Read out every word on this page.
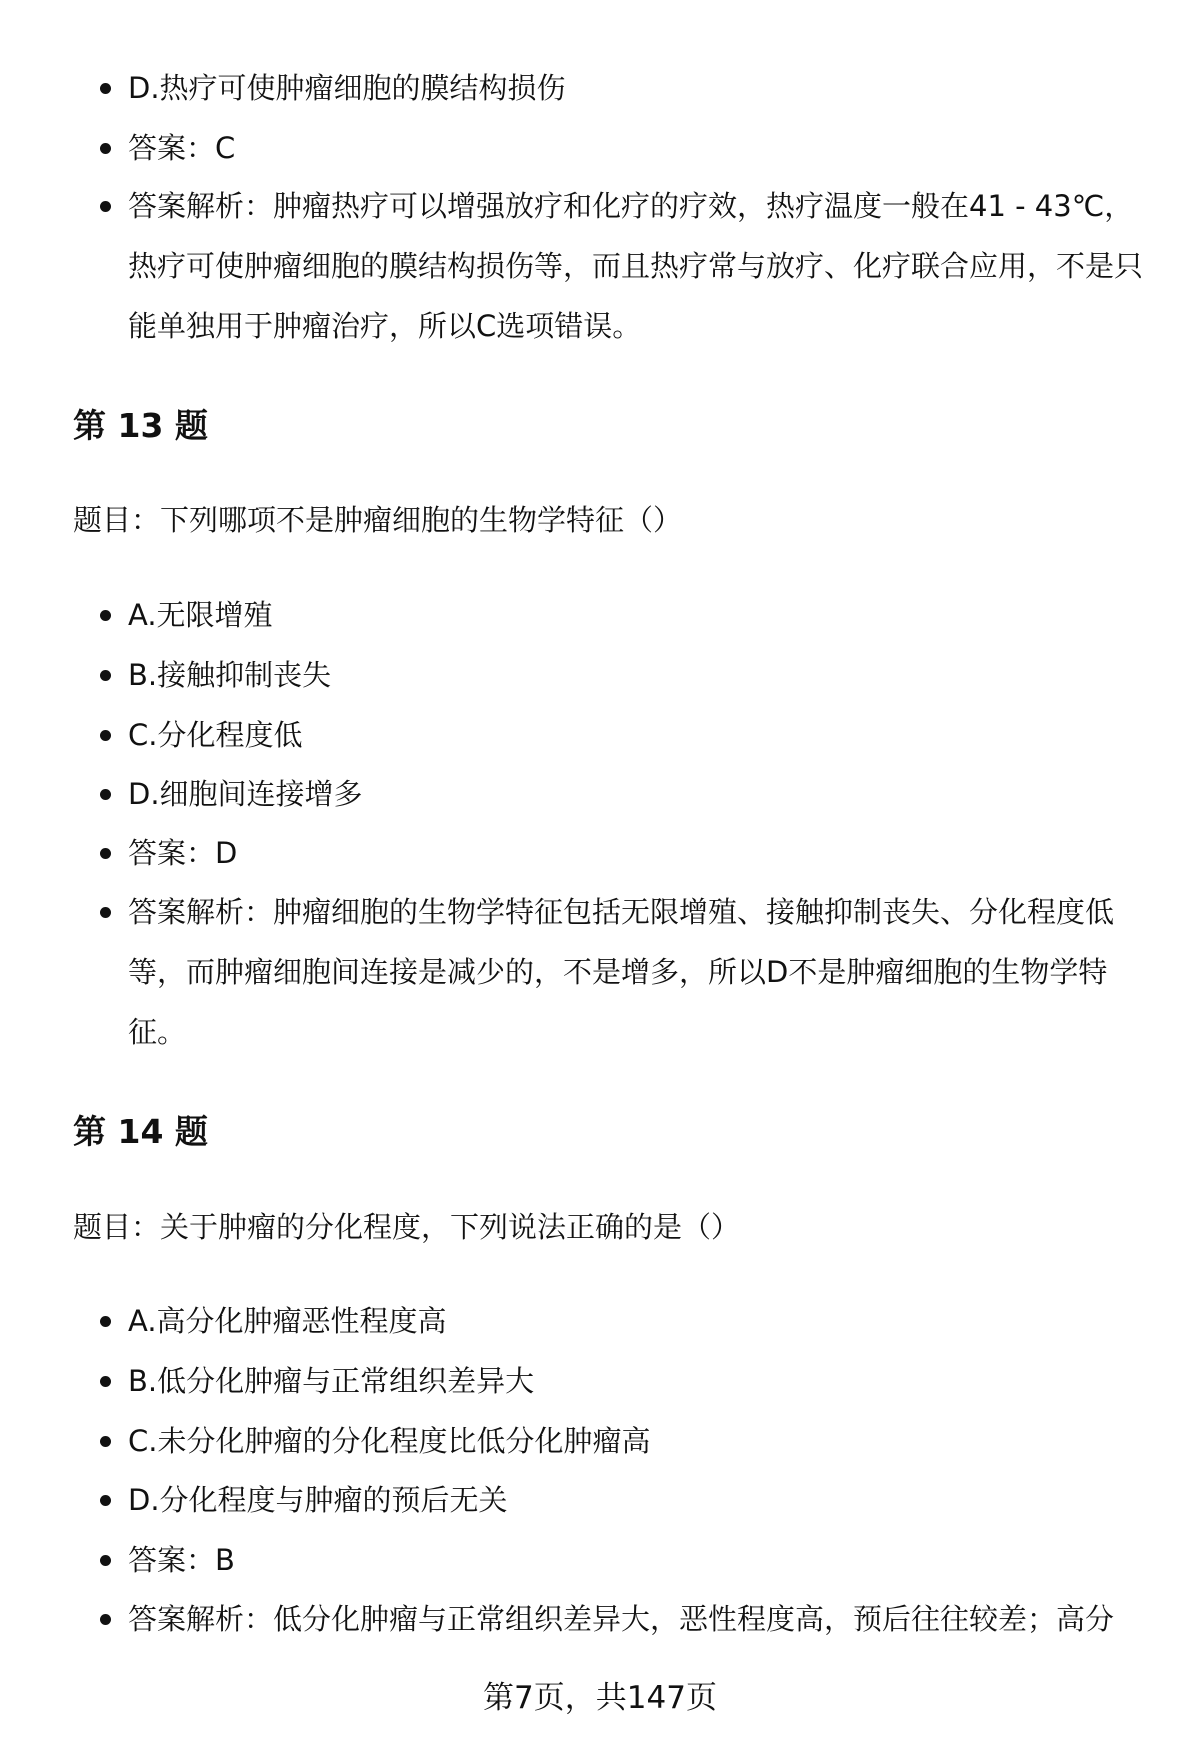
D.热疗可使肿瘤细胞的膜结构损伤
答案：C
答案解析：肿瘤热疗可以增强放疗和化疗的疗效，热疗温度一般在41 - 43℃，热疗可使肿瘤细胞的膜结构损伤等，而且热疗常与放疗、化疗联合应用，不是只能单独用于肿瘤治疗，所以C选项错误。
第 13 题

题目：下列哪项不是肿瘤细胞的生物学特征（）

A.无限增殖
B.接触抑制丧失
C.分化程度低
D.细胞间连接增多
答案：D
答案解析：肿瘤细胞的生物学特征包括无限增殖、接触抑制丧失、分化程度低等，而肿瘤细胞间连接是减少的，不是增多，所以D不是肿瘤细胞的生物学特征。
第 14 题

题目：关于肿瘤的分化程度，下列说法正确的是（）

A.高分化肿瘤恶性程度高
B.低分化肿瘤与正常组织差异大
C.未分化肿瘤的分化程度比低分化肿瘤高
D.分化程度与肿瘤的预后无关
答案：B
答案解析：低分化肿瘤与正常组织差异大，恶性程度高，预后往往较差；高分
第7页，共147页
